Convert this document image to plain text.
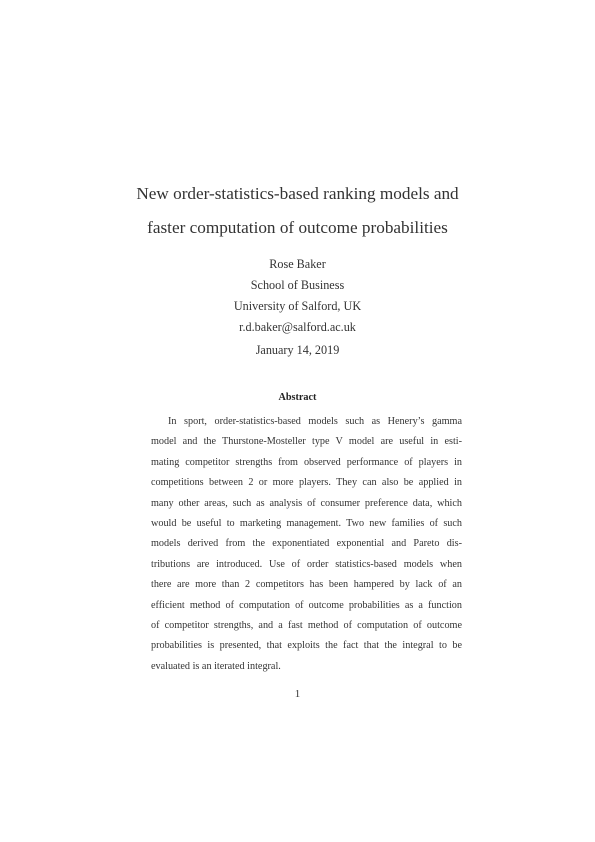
New order-statistics-based ranking models and
faster computation of outcome probabilities

Rose Baker

School of Business

University of Salford, UK

r.d.baker@salford.ac.uk

January 14, 2019

Abstract
In sport, order-statistics-based models such as Henery’s gamma
model and the Thurstone-Mosteller type V model are useful in esti-
mating competitor strengths from observed performance of players in
competitions between 2 or more players. They can also be applied in
many other areas, such as analysis of consumer preference data, which
would be useful to marketing management. Two new families of such
models derived from the exponentiated exponential and Pareto dis-
tributions are introduced. Use of order statistics-based models when
there are more than 2 competitors has been hampered by lack of an
efficient method of computation of outcome probabilities as a function
of competitor strengths, and a fast method of computation of outcome
probabilities is presented, that exploits the fact that the integral to be
evaluated is an iterated integral.

1
